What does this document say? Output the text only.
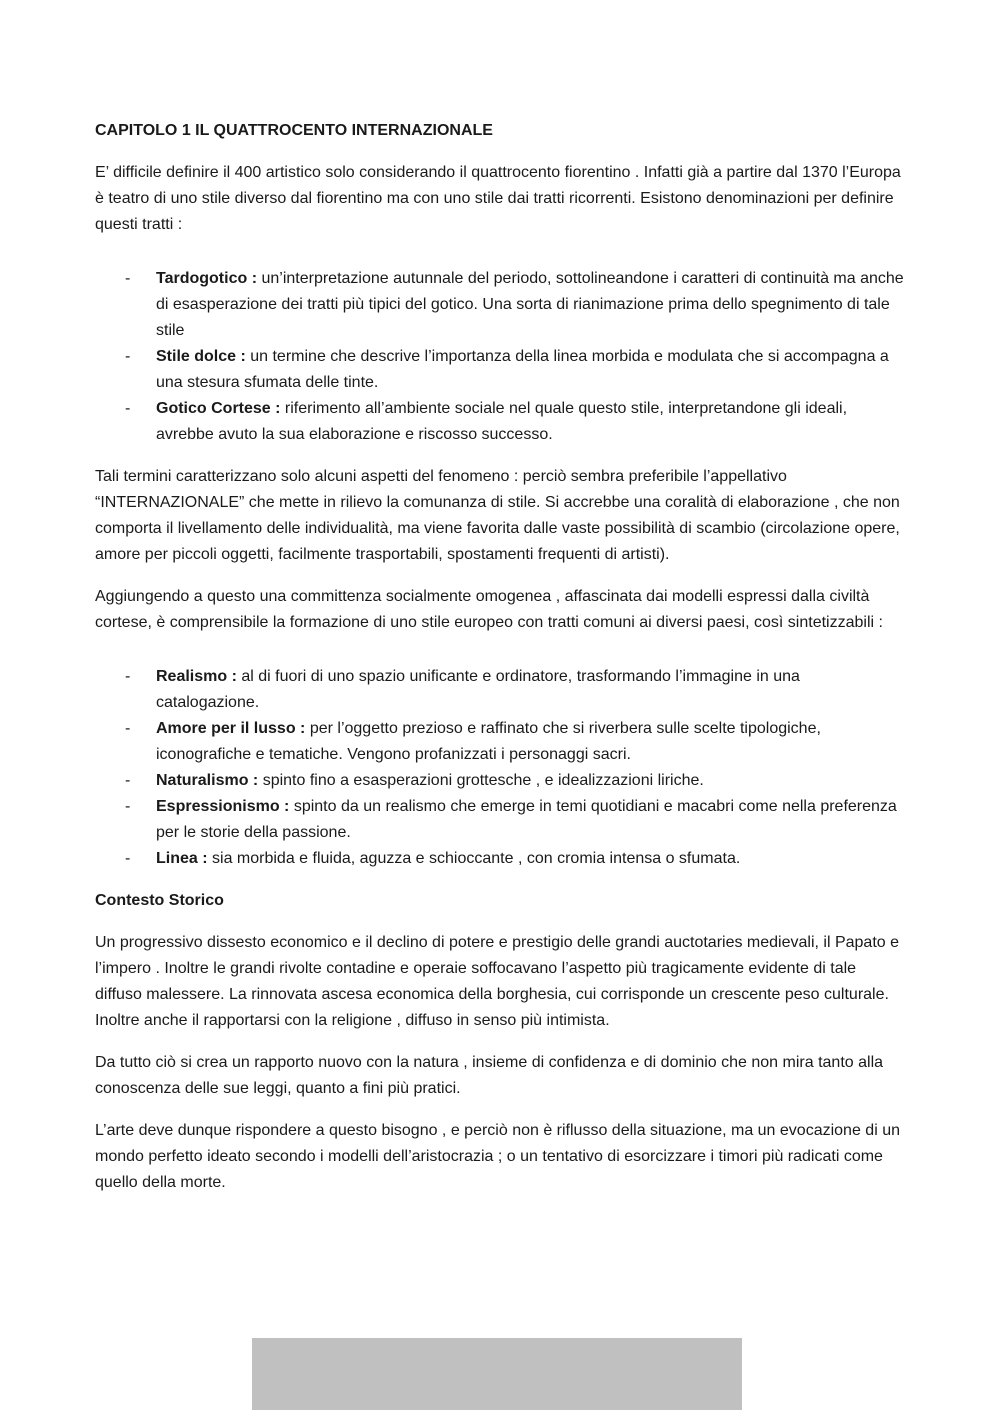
CAPITOLO 1 IL QUATTROCENTO INTERNAZIONALE

E’ difficile definire il 400 artistico solo considerando il quattrocento fiorentino . Infatti già a partire dal 1370 l’Europa è teatro di uno stile diverso dal fiorentino ma con uno stile dai tratti ricorrenti. Esistono denominazioni per definire questi tratti :

- Tardogotico : un’interpretazione autunnale del periodo, sottolineandone i caratteri di continuità ma anche di esasperazione dei tratti più tipici del gotico. Una sorta di rianimazione prima dello spegnimento di tale stile
- Stile dolce : un termine che descrive l’importanza della linea morbida e modulata che si accompagna a una stesura sfumata delle tinte.
- Gotico Cortese : riferimento all’ambiente sociale nel quale questo stile, interpretandone gli ideali, avrebbe avuto la sua elaborazione e riscosso successo.

Tali termini caratterizzano solo alcuni aspetti del fenomeno : perciò sembra preferibile l’appellativo “INTERNAZIONALE” che mette in rilievo la comunanza di stile. Si accrebbe una coralità di elaborazione , che non comporta il livellamento delle individualità, ma viene favorita dalle vaste possibilità di scambio (circolazione opere, amore per piccoli oggetti, facilmente trasportabili, spostamenti frequenti di artisti).

Aggiungendo a questo una committenza socialmente omogenea , affascinata dai modelli espressi dalla civiltà cortese, è comprensibile la formazione di uno stile europeo con tratti comuni ai diversi paesi, così sintetizzabili :

- Realismo : al di fuori di uno spazio unificante e ordinatore, trasformando l’immagine in una catalogazione.
- Amore per il lusso : per l’oggetto prezioso e raffinato che si riverbera sulle scelte tipologiche, iconografiche e tematiche. Vengono profanizzati i personaggi sacri.
- Naturalismo : spinto fino a esasperazioni grottesche , e idealizzazioni liriche.
- Espressionismo : spinto da un realismo che emerge in temi quotidiani e macabri come nella preferenza per le storie della passione.
- Linea : sia morbida e fluida, aguzza e schioccante , con cromia intensa o sfumata.
Contesto Storico

Un progressivo dissesto economico e il declino di potere e prestigio delle grandi auctotaries medievali, il Papato e l’impero . Inoltre le grandi rivolte contadine e operaie soffocavano l’aspetto più tragicamente evidente di tale diffuso malessere. La rinnovata ascesa economica della borghesia, cui corrisponde un crescente peso culturale. Inoltre anche il rapportarsi con la religione , diffuso in senso più intimista.

Da tutto ciò si crea un rapporto nuovo con la natura , insieme di confidenza e di dominio che non mira tanto alla conoscenza delle sue leggi, quanto a fini più pratici.

L’arte deve dunque rispondere a questo bisogno , e perciò non è riflusso della situazione, ma un evocazione di un mondo perfetto ideato secondo i modelli dell’aristocrazia ; o un tentativo di esorcizzare i timori più radicati come quello della morte.
